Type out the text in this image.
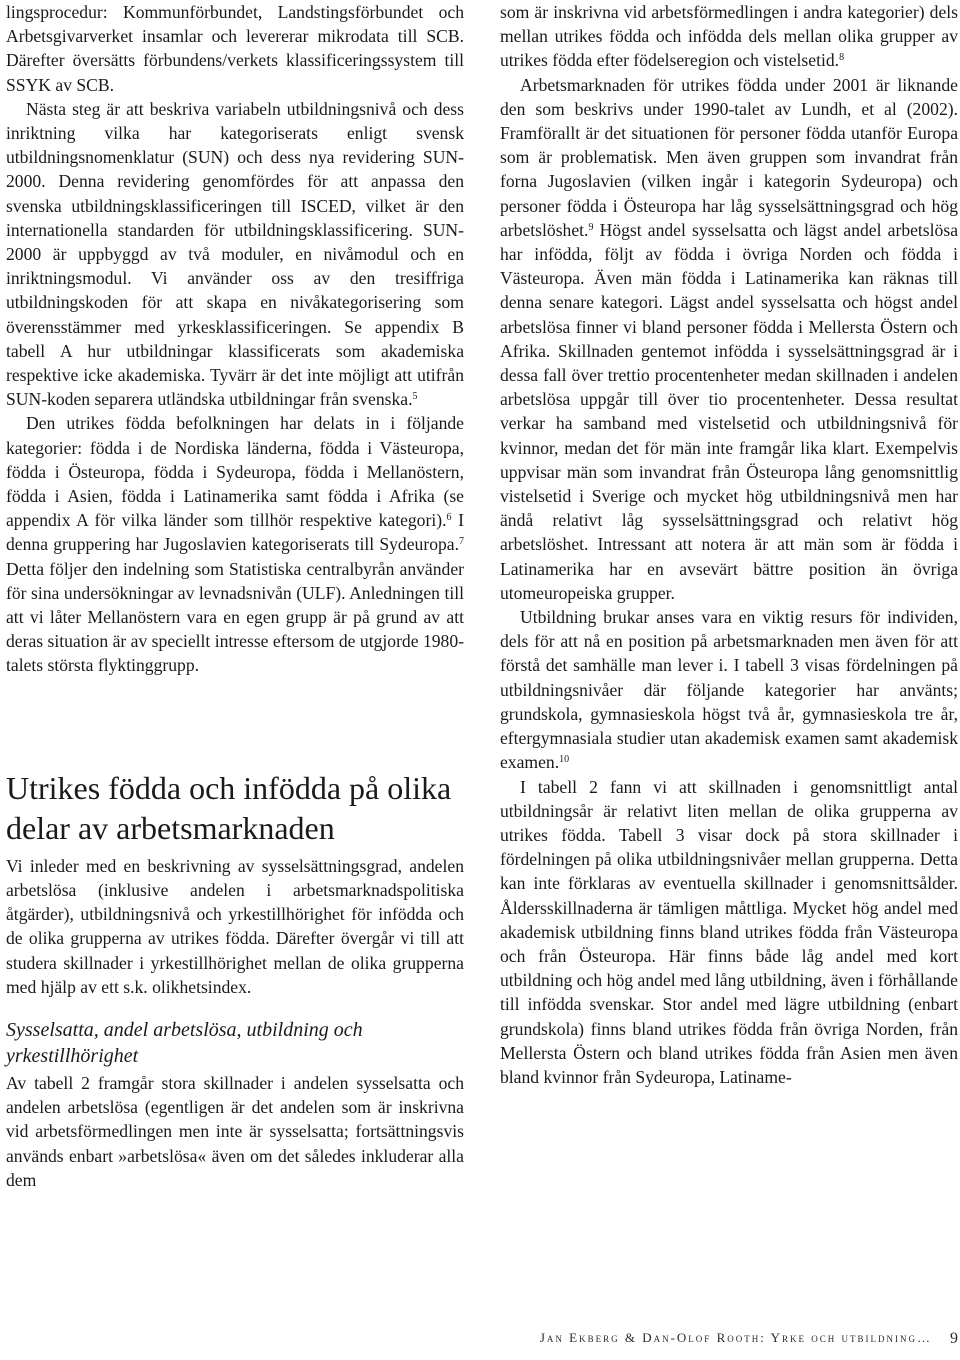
lingsprocedur: Kommunförbundet, Landstingsförbundet och Arbetsgivarverket insamlar och levererar mikrodata till SCB. Därefter översätts förbundens/verkets klassificeringssystem till SSYK av SCB.

Nästa steg är att beskriva variabeln utbildningsnivå och dess inriktning vilka har kategoriserats enligt svensk utbildningsnomenklatur (SUN) och dess nya revidering SUN-2000. Denna revidering genomfördes för att anpassa den svenska utbildningsklassificeringen till ISCED, vilket är den internationella standarden för utbildningsklassificering. SUN-2000 är uppbyggd av två moduler, en nivåmodul och en inriktningsmodul. Vi använder oss av den tresiffriga utbildningskoden för att skapa en nivåkategorisering som överensstämmer med yrkesklassificeringen. Se appendix B tabell A hur utbildningar klassificerats som akademiska respektive icke akademiska. Tyvärr är det inte möjligt att utifrån SUN-koden separera utländska utbildningar från svenska.$^5$

Den utrikes födda befolkningen har delats in i följande kategorier: födda i de Nordiska länderna, födda i Västeuropa, födda i Östeuropa, födda i Sydeuropa, födda i Mellanöstern, födda i Asien, födda i Latinamerika samt födda i Afrika (se appendix A för vilka länder som tillhör respektive kategori).$^6$ I denna gruppering har Jugoslavien kategoriserats till Sydeuropa.$^7$ Detta följer den indelning som Statistiska centralbyrån använder för sina undersökningar av levnadsnivån (ULF). Anledningen till att vi låter Mellanöstern vara en egen grupp är på grund av att deras situation är av speciellt intresse eftersom de utgjorde 1980-talets största flyktinggrupp.

Utrikes födda och infödda på olika delar av arbetsmarknaden

Vi inleder med en beskrivning av sysselsättningsgrad, andelen arbetslösa (inklusive andelen i arbetsmarknadspolitiska åtgärder), utbildningsnivå och yrkestillhörighet för infödda och de olika grupperna av utrikes födda. Därefter övergår vi till att studera skillnader i yrkestillhörighet mellan de olika grupperna med hjälp av ett s.k. olikhetsindex.

Sysselsatta, andel arbetslösa, utbildning och yrkestillhörighet

Av tabell 2 framgår stora skillnader i andelen sysselsatta och andelen arbetslösa (egentligen är det andelen som är inskrivna vid arbetsförmedlingen men inte är sysselsatta; fortsättningsvis används enbart »arbetslösa« även om det således inkluderar alla dem

som är inskrivna vid arbetsförmedlingen i andra kategorier) dels mellan utrikes födda och infödda dels mellan olika grupper av utrikes födda efter födelseregion och vistelsetid.$^8$

Arbetsmarknaden för utrikes födda under 2001 är liknande den som beskrivs under 1990-talet av Lundh, et al (2002). Framförallt är det situationen för personer födda utanför Europa som är problematisk. Men även gruppen som invandrat från forna Jugoslavien (vilken ingår i kategorin Sydeuropa) och personer födda i Östeuropa har låg sysselsättningsgrad och hög arbetslöshet.$^9$ Högst andel sysselsatta och lägst andel arbetslösa har infödda, följt av födda i övriga Norden och födda i Västeuropa. Även män födda i Latinamerika kan räknas till denna senare kategori. Lägst andel sysselsatta och högst andel arbetslösa finner vi bland personer födda i Mellersta Östern och Afrika. Skillnaden gentemot infödda i sysselsättningsgrad är i dessa fall över trettio procentenheter medan skillnaden i andelen arbetslösa uppgår till över tio procentenheter. Dessa resultat verkar ha samband med vistelsetid och utbildningsnivå för kvinnor, medan det för män inte framgår lika klart. Exempelvis uppvisar män som invandrat från Östeuropa lång genomsnittlig vistelsetid i Sverige och mycket hög utbildningsnivå men har ändå relativt låg sysselsättningsgrad och relativt hög arbetslöshet. Intressant att notera är att män som är födda i Latinamerika har en avsevärt bättre position än övriga utomeuropeiska grupper.

Utbildning brukar anses vara en viktig resurs för individen, dels för att nå en position på arbetsmarknaden men även för att förstå det samhälle man lever i. I tabell 3 visas fördelningen på utbildningsnivåer där följande kategorier har använts; grundskola, gymnasieskola högst två år, gymnasieskola tre år, eftergymnasiala studier utan akademisk examen samt akademisk examen.$^{10}$

I tabell 2 fann vi att skillnaden i genomsnittligt antal utbildningsår är relativt liten mellan de olika grupperna av utrikes födda. Tabell 3 visar dock på stora skillnader i fördelningen på olika utbildningsnivåer mellan grupperna. Detta kan inte förklaras av eventuella skillnader i genomsnittsålder. Åldersskillnaderna är tämligen måttliga. Mycket hög andel med akademisk utbildning finns bland utrikes födda från Västeuropa och från Östeuropa. Här finns både låg andel med kort utbildning och hög andel med lång utbildning, även i förhållande till infödda svenskar. Stor andel med lägre utbildning (enbart grundskola) finns bland utrikes födda från övriga Norden, från Mellersta Östern och bland utrikes födda från Asien men även bland kvinnor från Sydeuropa, Latiname-

Jan Ekberg & Dan-Olof Rooth: Yrke och utbildning… 9
